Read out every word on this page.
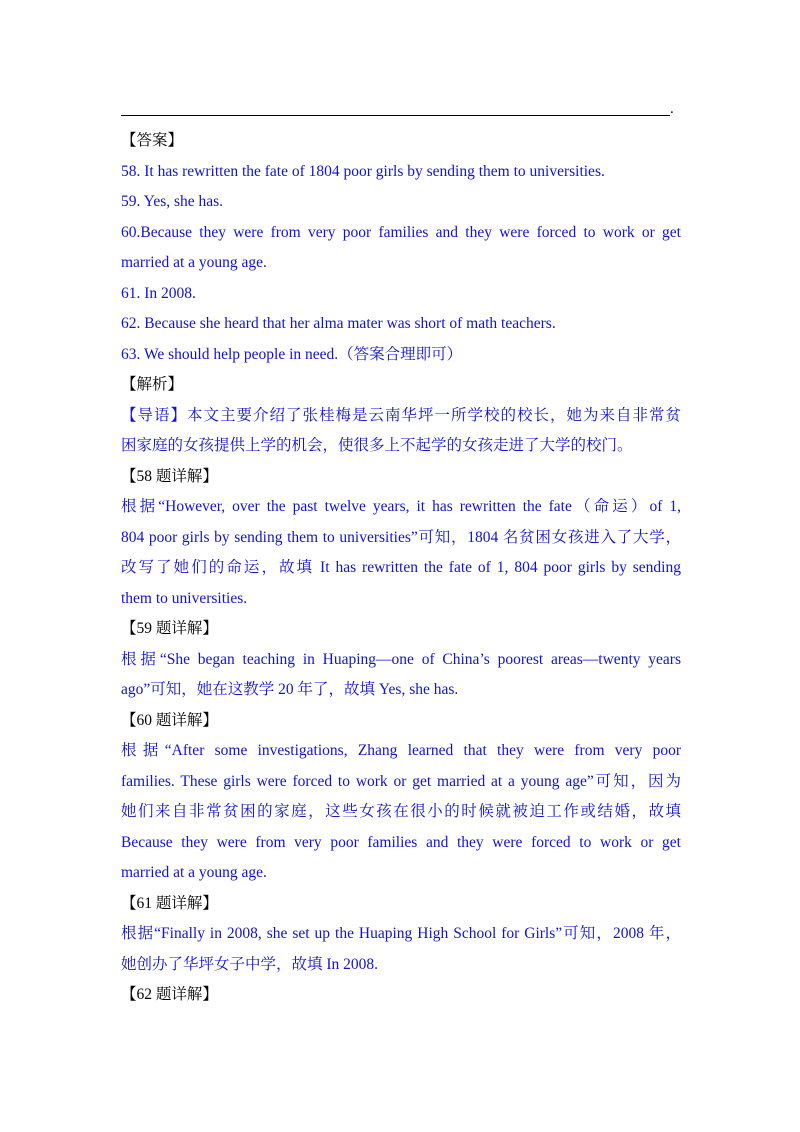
.
【答案】
58. It has rewritten the fate of 1804 poor girls by sending them to universities.
59. Yes, she has.
60.Because they were from very poor families and they were forced to work or get
married at a young age.
61. In 2008.
62. Because she heard that her alma mater was short of math teachers.
63. We should help people in need.（答案合理即可）
【解析】
【导语】本文主要介绍了张桂梅是云南华坪一所学校的校长，她为来自非常贫
困家庭的女孩提供上学的机会，使很多上不起学的女孩走进了大学的校门。
【58 题详解】
根据“However, over the past twelve years, it has rewritten the fate（命运）of 1,
804 poor girls by sending them to universities”可知，1804 名贫困女孩进入了大学，
改写了她们的命运，故填 It has rewritten the fate of 1, 804 poor girls by sending
them to universities.
【59 题详解】
根据“She began teaching in Huaping—one of China’s poorest areas—twenty years
ago”可知，她在这教学 20 年了，故填 Yes, she has.
【60 题详解】
根据“After some investigations, Zhang learned that they were from very poor
families. These girls were forced to work or get married at a young age”可知，因为
她们来自非常贫困的家庭，这些女孩在很小的时候就被迫工作或结婚，故填
Because they were from very poor families and they were forced to work or get
married at a young age.
【61 题详解】
根据“Finally in 2008, she set up the Huaping High School for Girls”可知，2008 年，
她创办了华坪女子中学，故填 In 2008.
【62 题详解】
